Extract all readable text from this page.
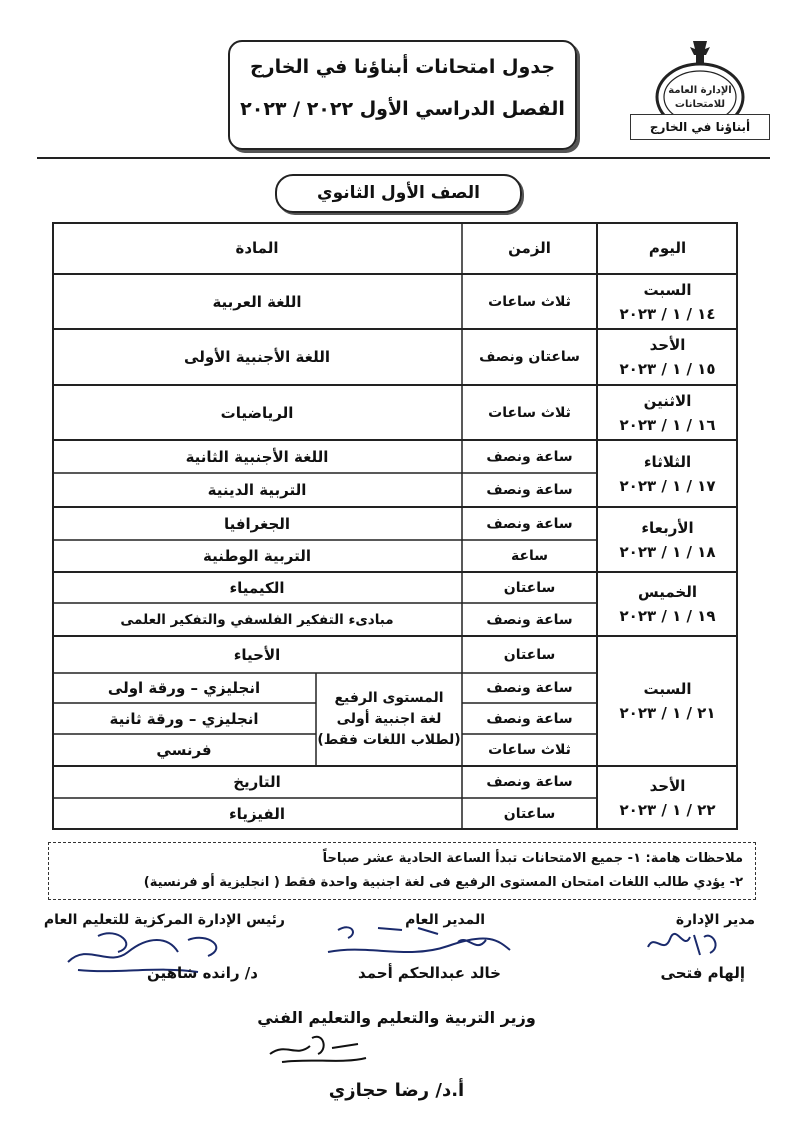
جدول امتحانات أبناؤنا في الخارج
الفصل الدراسي الأول ٢٠٢٢ / ٢٠٢٣
الإدارة العامة
للامتحانات
أبناؤنا في الخارج
الصف الأول الثانوي
اليوم
الزمن
المادة
السبت
١٤ / ١ / ٢٠٢٣
الأحد
١٥ / ١ / ٢٠٢٣
الاثنين
١٦ / ١ / ٢٠٢٣
الثلاثاء
١٧ / ١ / ٢٠٢٣
الأربعاء
١٨ / ١ / ٢٠٢٣
الخميس
١٩ / ١ / ٢٠٢٣
السبت
٢١ / ١ / ٢٠٢٣
الأحد
٢٢ / ١ / ٢٠٢٣
ثلاث ساعات
ساعتان ونصف
ثلاث ساعات
ساعة ونصف
ساعة ونصف
ساعة ونصف
ساعة
ساعتان
ساعة ونصف
ساعتان
ساعة ونصف
ساعة ونصف
ثلاث ساعات
ساعة ونصف
ساعتان
اللغة العربية
اللغة الأجنبية الأولى
الرياضيات
اللغة الأجنبية الثانية
التربية الدينية
الجغرافيا
التربية الوطنية
الكيمياء
مبادىء التفكير الفلسفي والتفكير العلمى
الأحياء
انجليزي – ورقة اولى
انجليزي – ورقة ثانية
فرنسي
المستوى الرفيع
لغة اجنبية أولى
(لطلاب اللغات فقط)
التاريخ
الفيزياء
ملاحظات هامة: ١- جميع الامتحانات تبدأ الساعة الحادية عشر صباحاً
٢- يؤدي طالب اللغات امتحان المستوى الرفيع فى لغة اجنبية واحدة فقط ( انجليزية أو فرنسية)
مدير الإدارة
المدير العام
رئيس الإدارة المركزية للتعليم العام
إلهام فتحى
خالد عبدالحكم أحمد
د/ رانده شاهين
وزير التربية والتعليم والتعليم الفني
أ.د/ رضا حجازي
